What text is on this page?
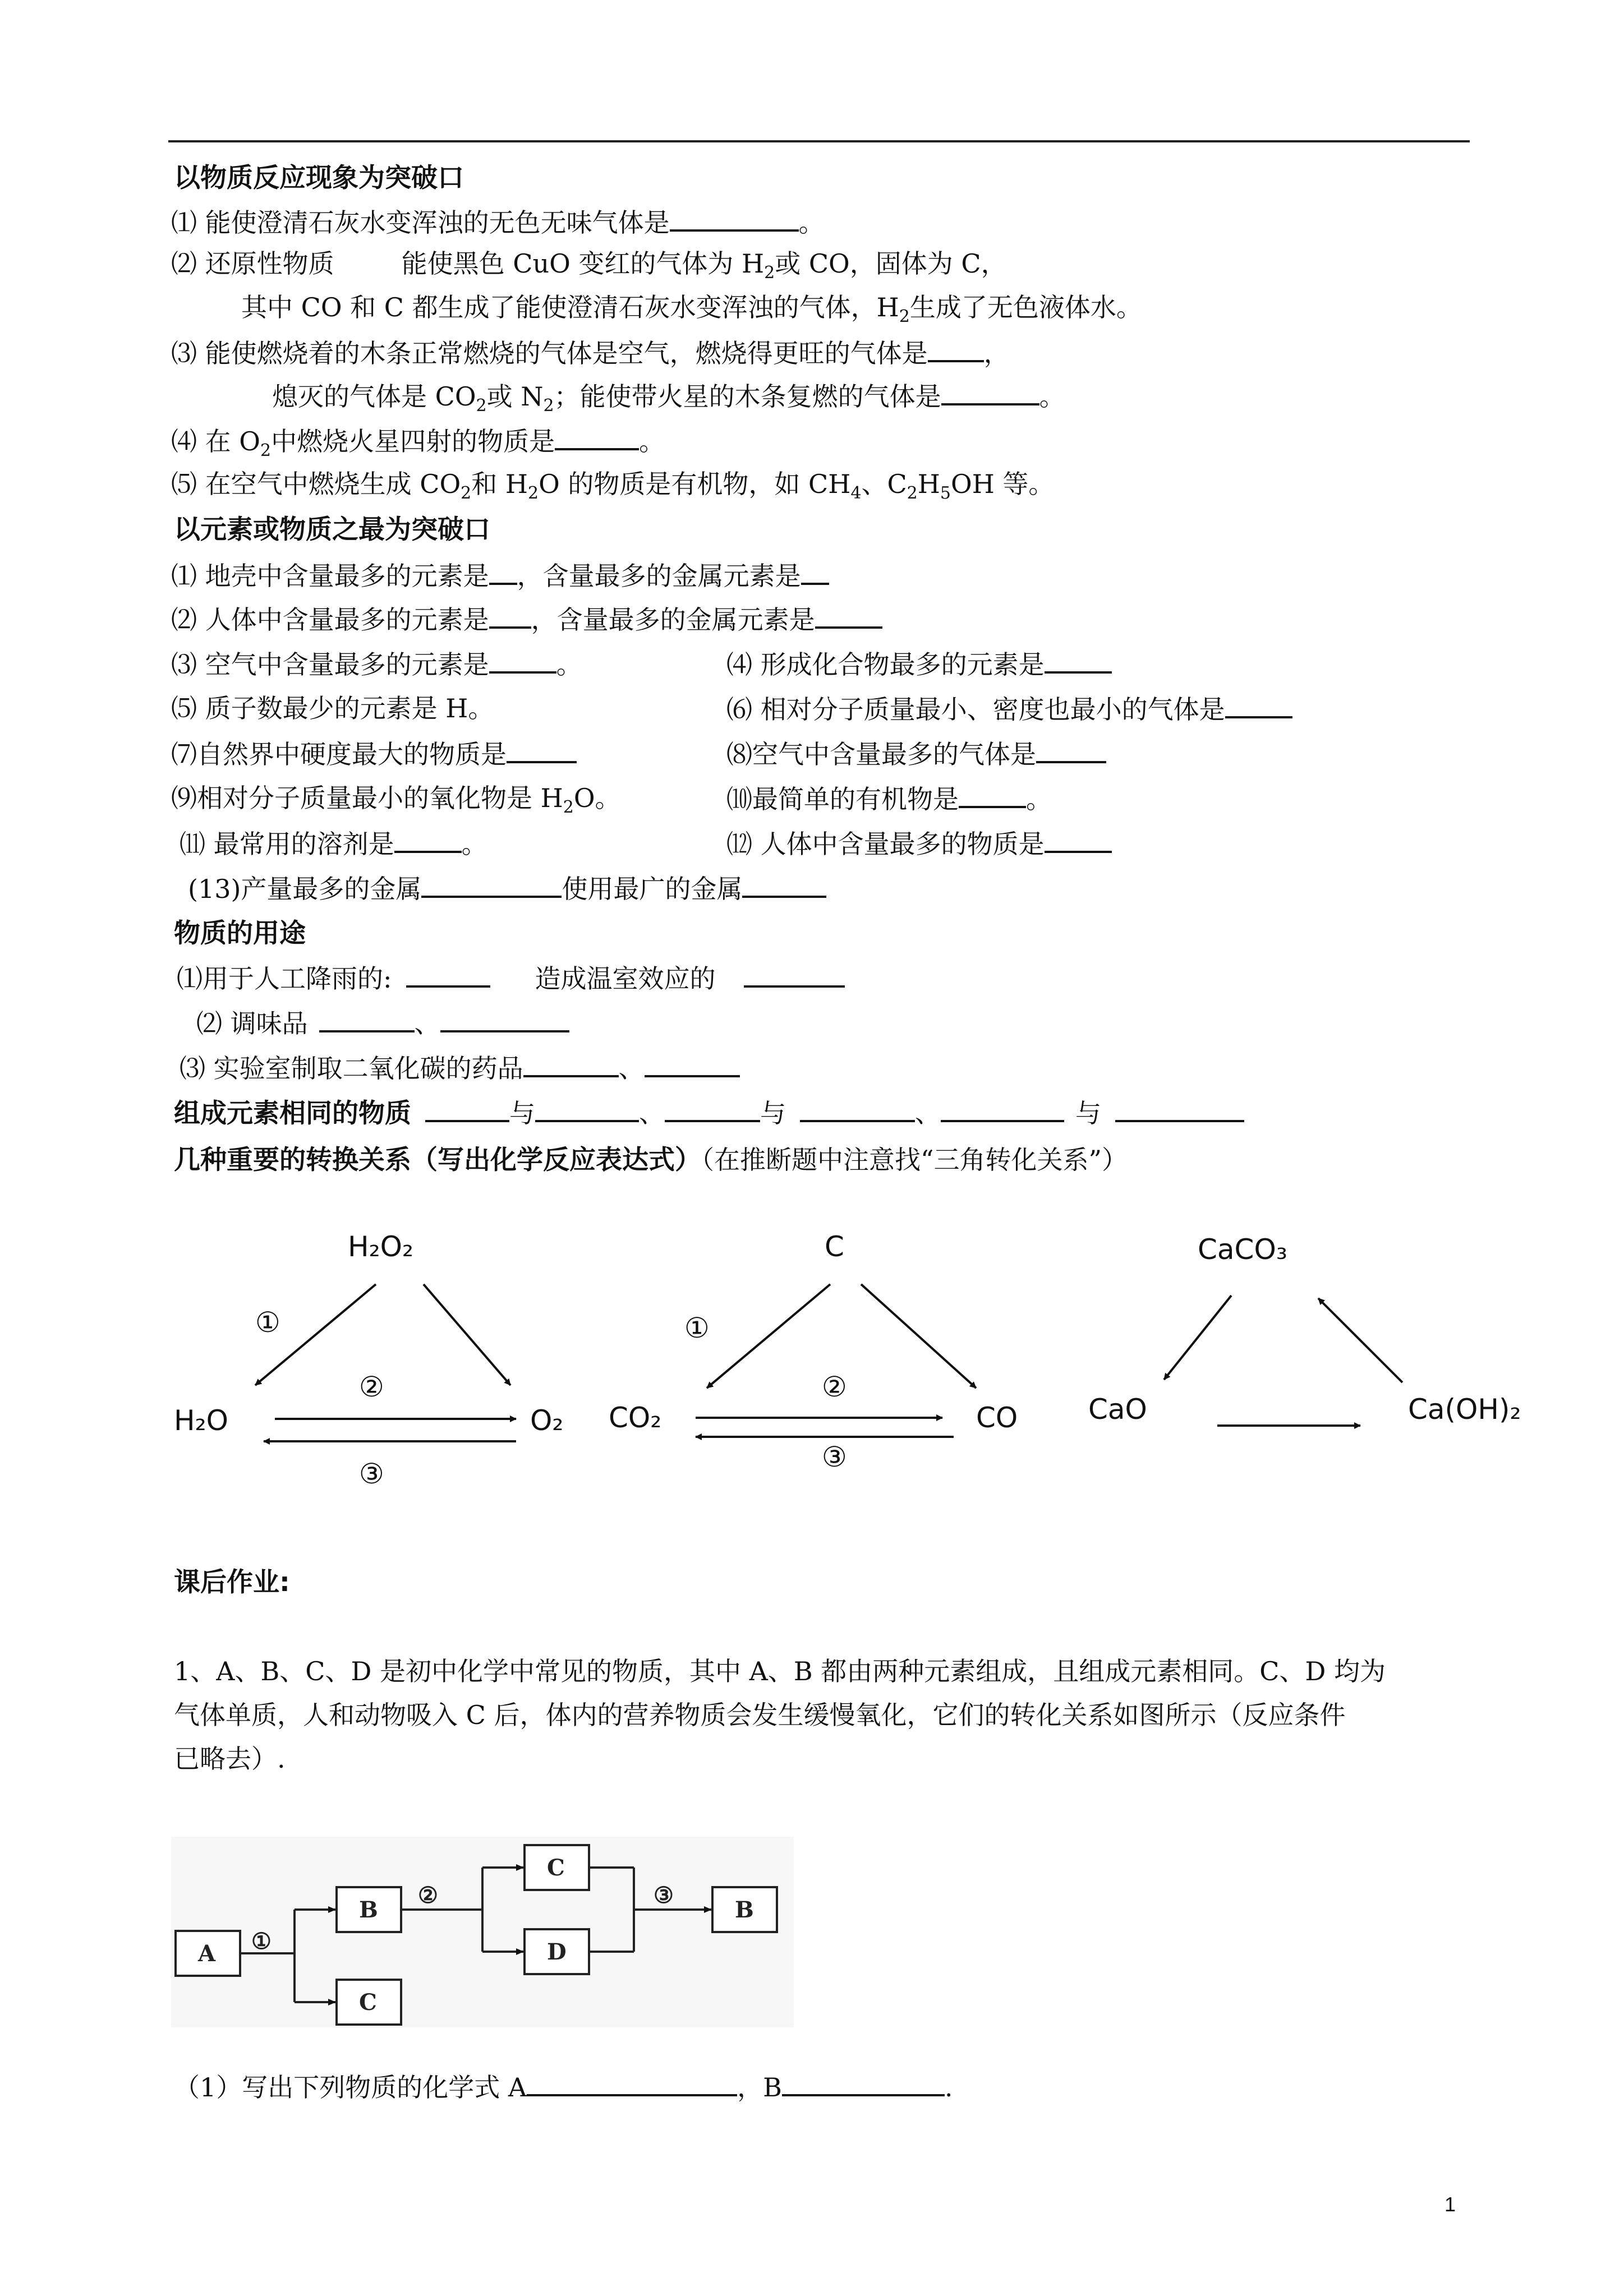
以物质反应现象为突破口
⑴ 能使澄清石灰水变浑浊的无色无味气体是	。
⑵ 还原性物质	能使黑色 CuO 变红的气体为 $H_2$或 CO，固体为 C，
其中 CO 和 C 都生成了能使澄清石灰水变浑浊的气体，$H_2$生成了无色液体水。
⑶ 能使燃烧着的木条正常燃烧的气体是空气，燃烧得更旺的气体是 ，
熄灭的气体是 $CO_2$或 $N_2$；能使带火星的木条复燃的气体是	。
⑷ 在 $O_2$中燃烧火星四射的物质是	。
⑸ 在空气中燃烧生成 $CO_2$和 $H_2O$ 的物质是有机物，如 $CH_4$、$C_2H_5OH$ 等。
以元素或物质之最为突破口
⑴ 地壳中含量最多的元素是 ，含量最多的金属元素是
⑵ 人体中含量最多的元素是 ，含量最多的金属元素是
⑶ 空气中含量最多的元素是	。	⑷ 形成化合物最多的元素是
⑸ 质子数最少的元素是 H。	⑹ 相对分子质量最小、密度也最小的气体是
⑺自然界中硬度最大的物质是	⑻空气中含量最多的气体是
⑼相对分子质量最小的氧化物是 $H_2O$。	⑽最简单的有机物是	。
⑾ 最常用的溶剂是	。	⑿ 人体中含量最多的物质是
(13)产量最多的金属	使用最广的金属
物质的用途
⑴用于人工降雨的:	造成温室效应的
⑵ 调味品	、
⑶ 实验室制取二氧化碳的药品	、
组成元素相同的物质	与	、	与	、	与
几种重要的转换关系（写出化学反应表达式）（在推断题中注意找“三角转化关系”）
H₂O₂
H₂O	O₂
①
②
③
C
CO₂	CO
①
②
③
CaCO₃
CaO	Ca(OH)₂
课后作业:
1、A、B、C、D 是初中化学中常见的物质，其中 A、B 都由两种元素组成，且组成元素相同。C、D 均为
气体单质，人和动物吸入 C 后，体内的营养物质会发生缓慢氧化，它们的转化关系如图所示（反应条件
已略去）.
A
B
C
C
D
B
①
②	③
（1）写出下列物质的化学式 A	，B	.
1
